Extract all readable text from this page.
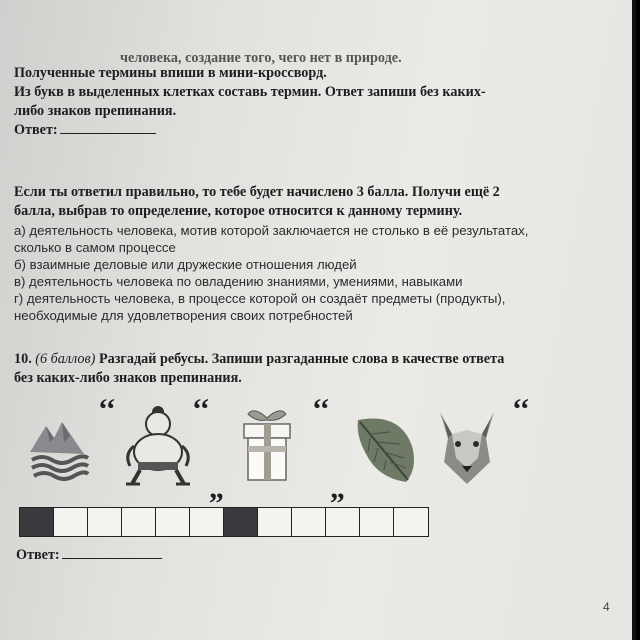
человека, создание того, чего нет в природе.
Полученные термины впиши в мини-кроссворд.
Из букв в выделенных клетках составь термин. Ответ запиши без каких-
либо знаков препинания.
Ответ:
Если ты ответил правильно, то тебе будет начислено 3 балла. Получи ещё 2
балла, выбрав то определение, которое относится к данному термину.
а) деятельность человека, мотив которой заключается не столько в её результатах,
сколько в самом процессе
б) взаимные деловые или дружеские отношения людей
в) деятельность человека по овладению знаниями, умениями, навыками
г) деятельность человека, в процессе которой он создаёт предметы (продукты),
необходимые для удовлетворения своих потребностей
10. (6 баллов) Разгадай ребусы. Запиши разгаданные слова в качестве ответа
без каких-либо знаков препинания.
‘‘	‘‘	‘‘	‘‘
„	„
Ответ:
4
